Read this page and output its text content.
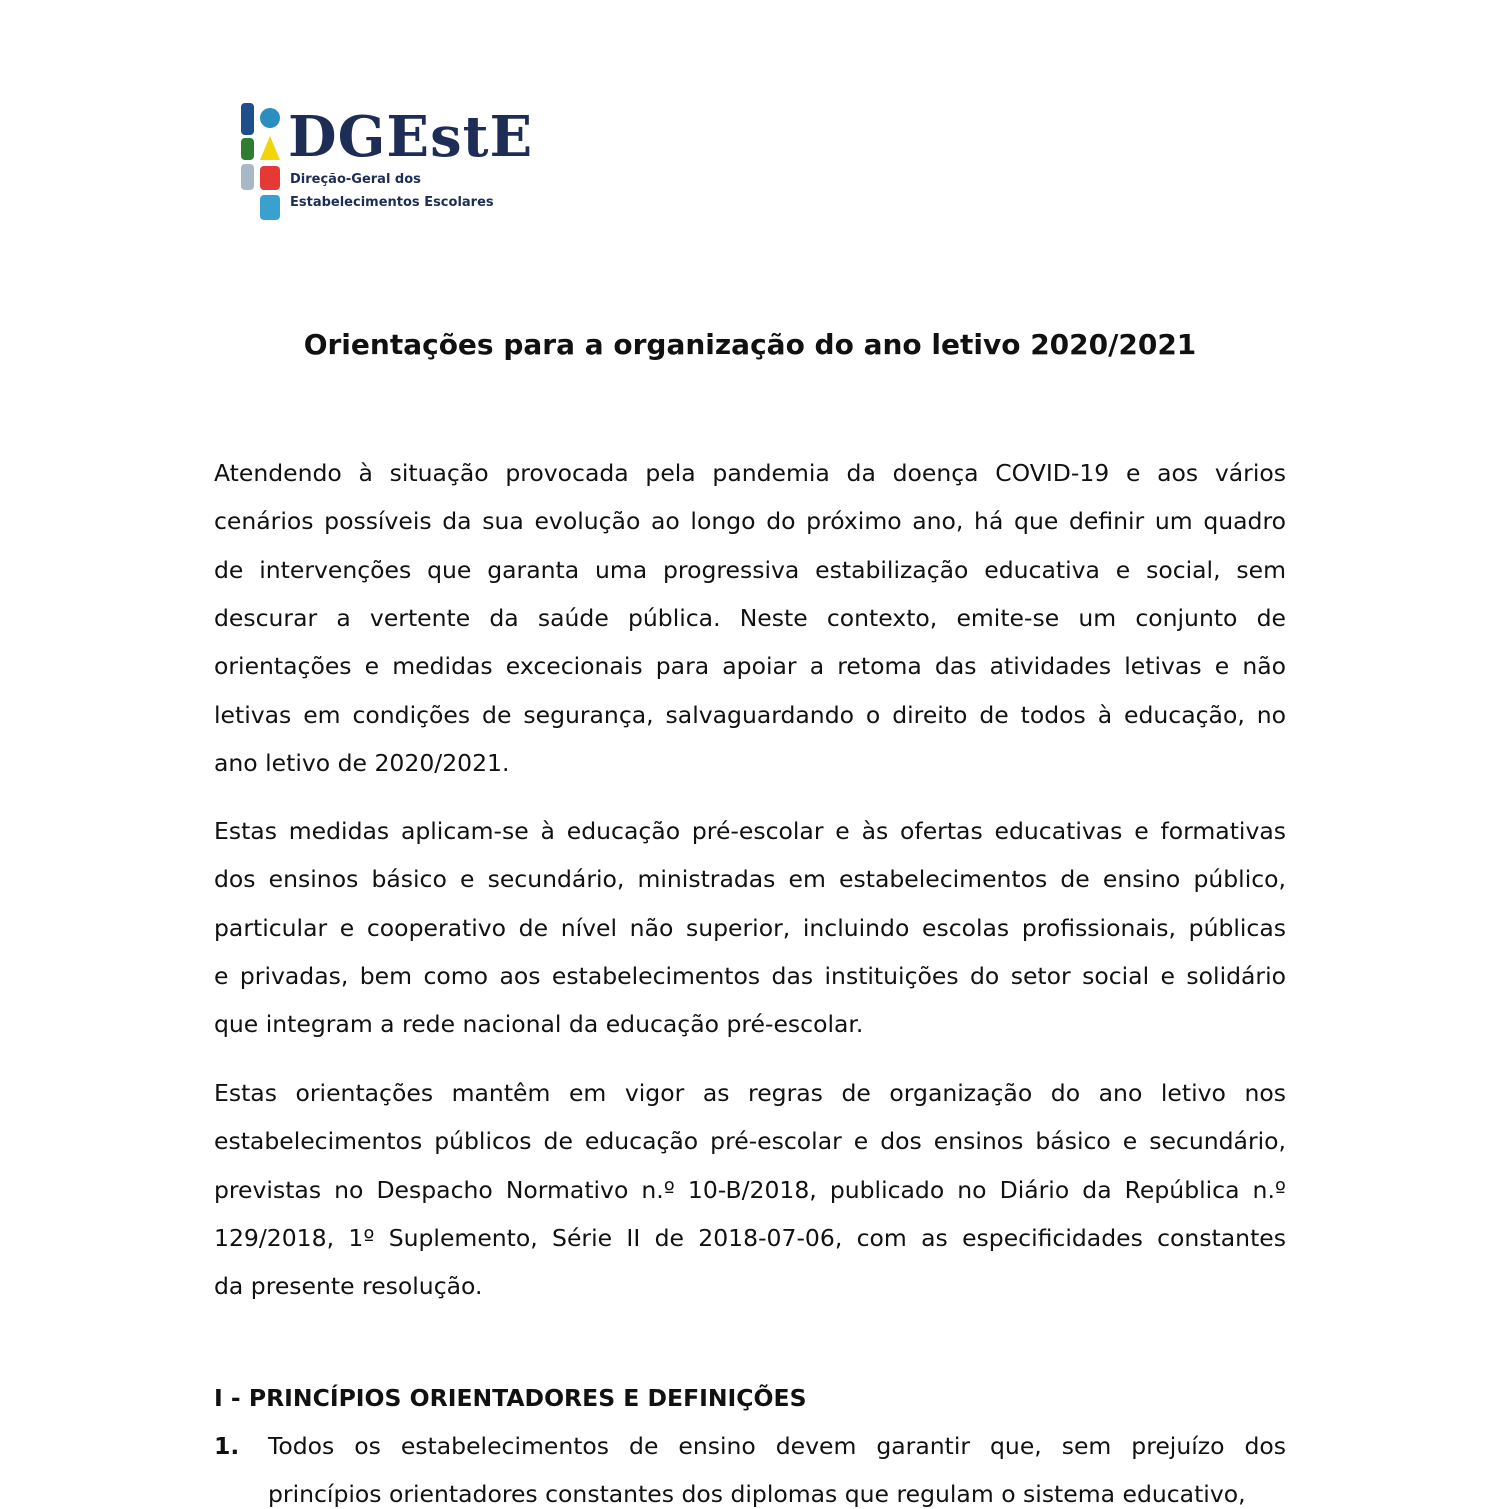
DGEstE
Direção-Geral dos
Estabelecimentos Escolares
Orientações para a organização do ano letivo 2020/2021
Atendendo à situação provocada pela pandemia da doença COVID-19 e aos vários
cenários possíveis da sua evolução ao longo do próximo ano, há que definir um quadro
de intervenções que garanta uma progressiva estabilização educativa e social, sem
descurar a vertente da saúde pública. Neste contexto, emite-se um conjunto de
orientações e medidas excecionais para apoiar a retoma das atividades letivas e não
letivas em condições de segurança, salvaguardando o direito de todos à educação, no
ano letivo de 2020/2021.
Estas medidas aplicam-se à educação pré-escolar e às ofertas educativas e formativas
dos ensinos básico e secundário, ministradas em estabelecimentos de ensino público,
particular e cooperativo de nível não superior, incluindo escolas profissionais, públicas
e privadas, bem como aos estabelecimentos das instituições do setor social e solidário
que integram a rede nacional da educação pré-escolar.
Estas orientações mantêm em vigor as regras de organização do ano letivo nos
estabelecimentos públicos de educação pré-escolar e dos ensinos básico e secundário,
previstas no Despacho Normativo n.º 10-B/2018, publicado no Diário da República n.º
129/2018, 1º Suplemento, Série II de 2018-07-06, com as especificidades constantes
da presente resolução.
I - PRINCÍPIOS ORIENTADORES E DEFINIÇÕES
1. Todos os estabelecimentos de ensino devem garantir que, sem prejuízo dos
princípios orientadores constantes dos diplomas que regulam o sistema educativo,
